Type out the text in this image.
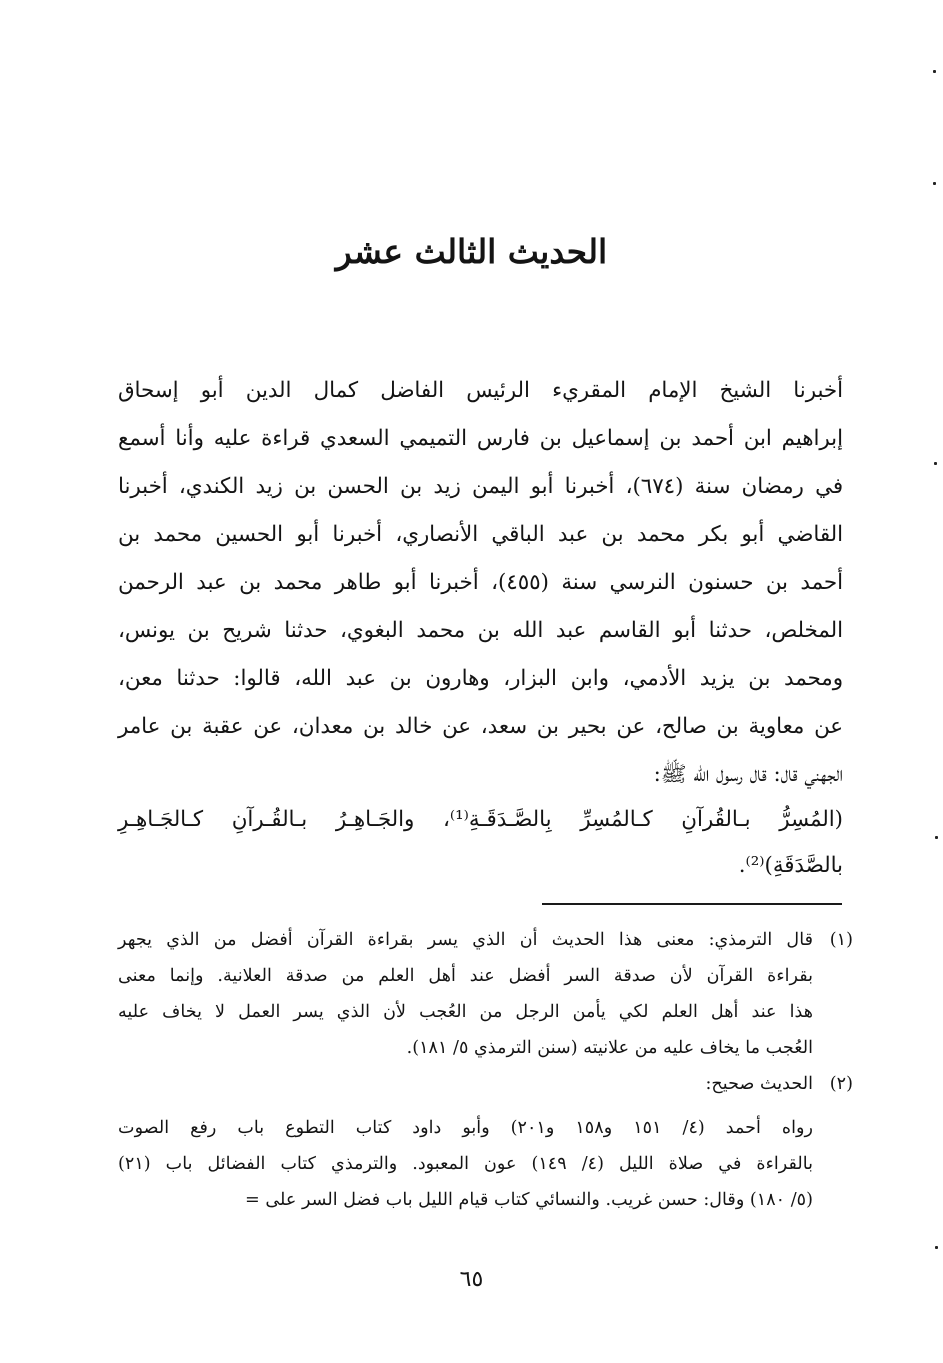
الحديث الثالث عشر
أخبرنا الشيخ الإمام المقريء الرئيس الفاضل كمال الدين أبو إسحاق
إبراهيم ابن أحمد بن إسماعيل بن فارس التميمي السعدي قراءة عليه وأنا أسمع
في رمضان سنة (٦٧٤)، أخبرنا أبو اليمن زيد بن الحسن بن زيد الكندي، أخبرنا
القاضي أبو بكر محمد بن عبد الباقي الأنصاري، أخبرنا أبو الحسين محمد بن
أحمد بن حسنون النرسي سنة (٤٥٥)، أخبرنا أبو طاهر محمد بن عبد الرحمن
المخلص، حدثنا أبو القاسم عبد الله بن محمد البغوي، حدثنا شريح بن يونس،
ومحمد بن يزيد الأدمي، وابن البزار، وهارون بن عبد الله، قالوا: حدثنا معن،
عن معاوية بن صالح، عن بحير بن سعد، عن خالد بن معدان، عن عقبة بن عامر
الجهني قال: قال رسول الله ﷺ:
(المُسِرُّ بـالقُرآنِ كـالمُسِرِّ بِالصَّـدَقَـةِ⁽¹⁾، والجَـاهِـرُ بـالقُـرآنِ كـالجَـاهِـرِ
بالصَّدَقَةِ)⁽²⁾.
(١)
قال الترمذي: معنى هذا الحديث أن الذي يسر بقراءة القرآن أفضل من الذي يجهر
بقراءة القرآن لأن صدقة السر أفضل عند أهل العلم من صدقة العلانية. وإنما معنى
هذا عند أهل العلم لكي يأمن الرجل من العُجب لأن الذي يسر العمل لا يخاف عليه
العُجب ما يخاف عليه من علانيته (سنن الترمذي ٥/ ١٨١).
(٢)
الحديث صحيح:
رواه أحمد (٤/ ١٥١ و١٥٨ و٢٠١) وأبو داود كتاب التطوع باب رفع الصوت
بالقراءة في صلاة الليل (٤/ ١٤٩) عون المعبود. والترمذي كتاب الفضائل باب (٢١)
(٥/ ١٨٠) وقال: حسن غريب. والنسائي كتاب قيام الليل باب فضل السر على =
٦٥
